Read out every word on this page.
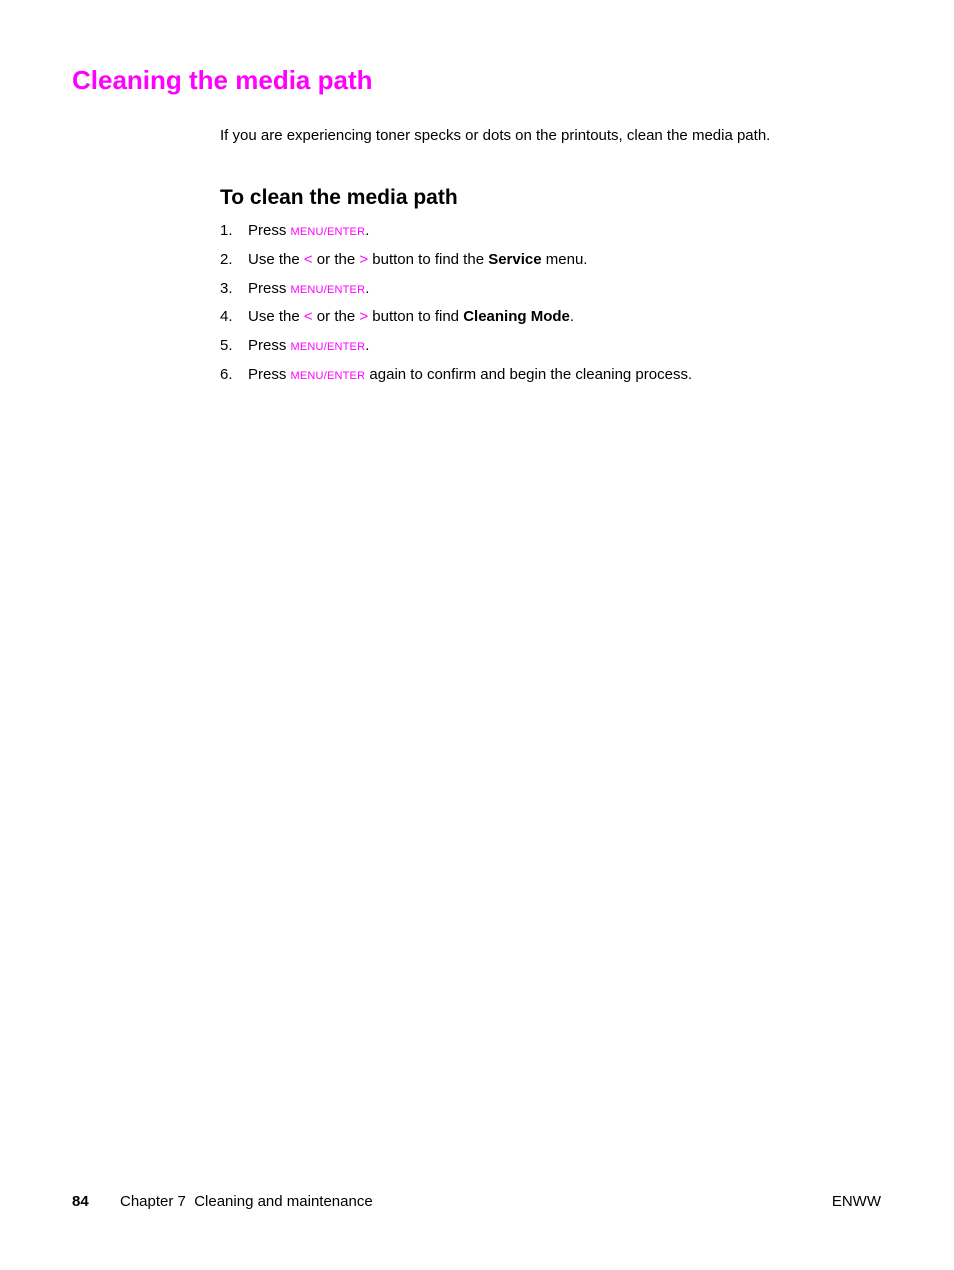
Cleaning the media path

If you are experiencing toner specks or dots on the printouts, clean the media path.

To clean the media path
1. Press MENU/ENTER.
2. Use the < or the > button to find the Service menu.
3. Press MENU/ENTER.
4. Use the < or the > button to find Cleaning Mode.
5. Press MENU/ENTER.
6. Press MENU/ENTER again to confirm and begin the cleaning process.
84 Chapter 7  Cleaning and maintenance	ENWW
